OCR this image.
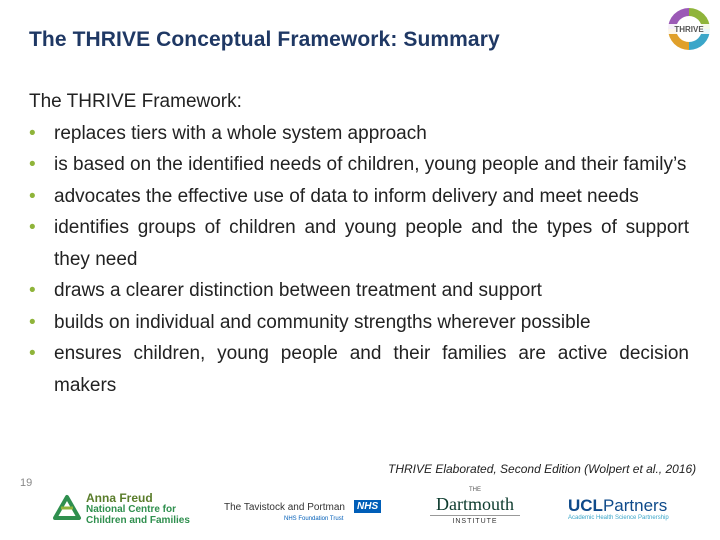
The THRIVE Conceptual Framework: Summary	THRIVE

The THRIVE Framework:

• replaces tiers with a whole system approach
• is based on the identified needs of children, young people and their family’s
• advocates the effective use of data to inform delivery and meet needs
• identifies groups of children and young people and the types of support they need
• draws a clearer distinction between treatment and support
• builds on individual and community strengths wherever possible
• ensures children, young people and their families are active decision makers
THRIVE Elaborated, Second Edition (Wolpert et al., 2016)
19
Anna Freud
National Centre for
Children and Families
The Tavistock and Portman	NHS
NHS Foundation Trust
THE
Dartmouth
INSTITUTE
UCLPartners
Academic Health Science Partnership
